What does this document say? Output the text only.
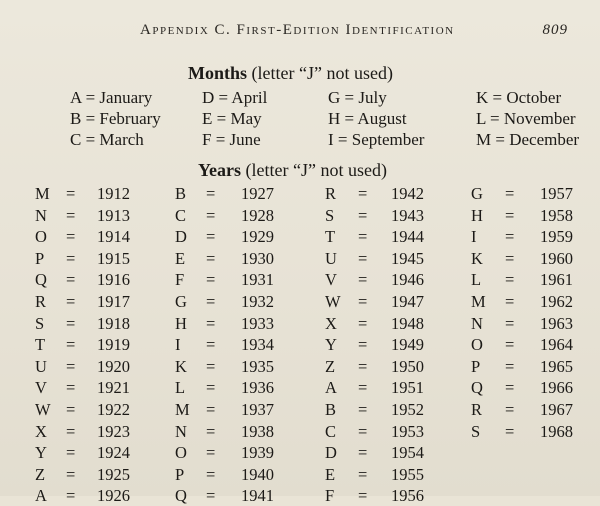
Appendix C. First-Edition Identification	809
Months (letter “J” not used)
A = January
B = February
C = March
D = April
E = May
F = June
G = July
H = August
I = September
K = October
L = November
M = December
Years (letter “J” not used)
M = 1912
N = 1913
O = 1914
P = 1915
Q = 1916
R = 1917
S = 1918
T = 1919
U = 1920
V = 1921
W = 1922
X = 1923
Y = 1924
Z = 1925
A = 1926
B = 1927
C = 1928
D = 1929
E = 1930
F = 1931
G = 1932
H = 1933
I = 1934
K = 1935
L = 1936
M = 1937
N = 1938
O = 1939
P = 1940
Q = 1941
R = 1942
S = 1943
T = 1944
U = 1945
V = 1946
W = 1947
X = 1948
Y = 1949
Z = 1950
A = 1951
B = 1952
C = 1953
D = 1954
E = 1955
F = 1956
G = 1957
H = 1958
I = 1959
K = 1960
L = 1961
M = 1962
N = 1963
O = 1964
P = 1965
Q = 1966
R = 1967
S = 1968
